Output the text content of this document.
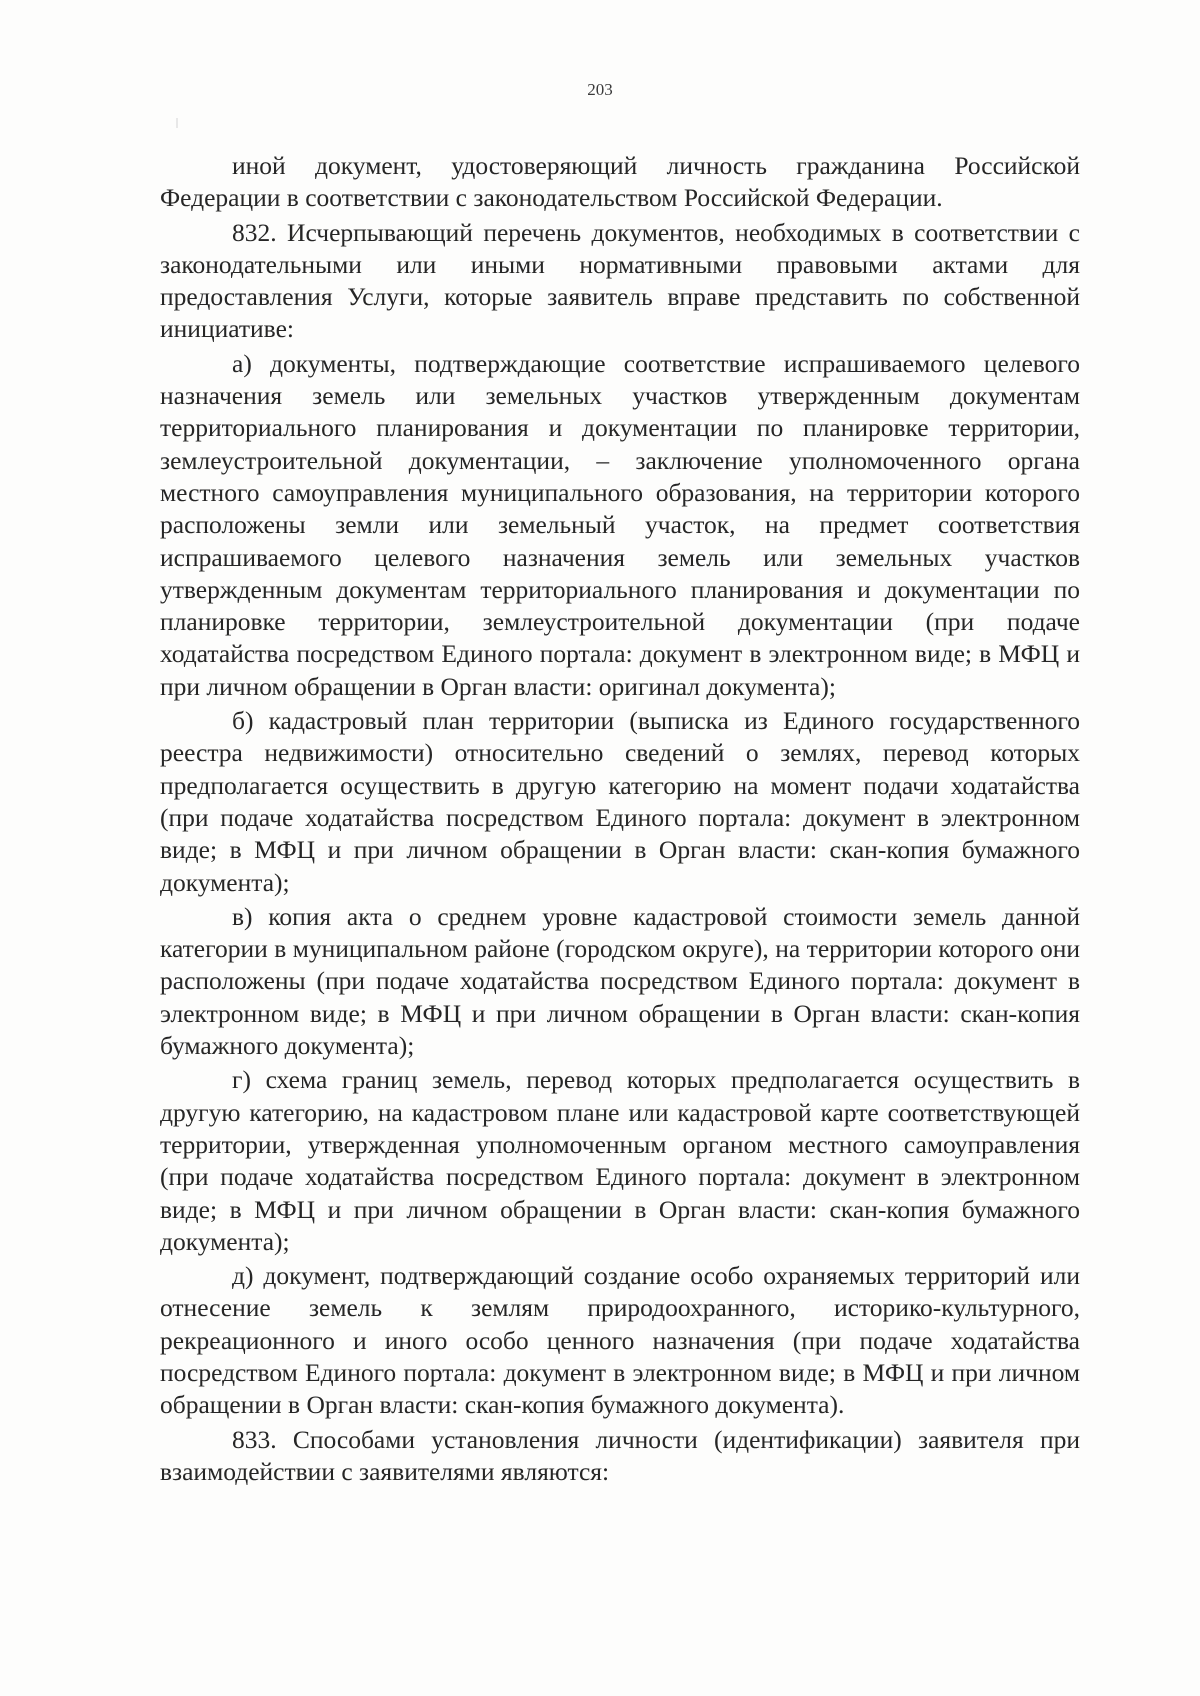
203

иной документ, удостоверяющий личность гражданина Российской Федерации в соответствии с законодательством Российской Федерации.

832. Исчерпывающий перечень документов, необходимых в соответствии с законодательными или иными нормативными правовыми актами для предоставления Услуги, которые заявитель вправе представить по собственной инициативе:

а) документы, подтверждающие соответствие испрашиваемого целевого назначения земель или земельных участков утвержденным документам территориального планирования и документации по планировке территории, землеустроительной документации, – заключение уполномоченного органа местного самоуправления муниципального образования, на территории которого расположены земли или земельный участок, на предмет соответствия испрашиваемого целевого назначения земель или земельных участков утвержденным документам территориального планирования и документации по планировке территории, землеустроительной документации (при подаче ходатайства посредством Единого портала: документ в электронном виде; в МФЦ и при личном обращении в Орган власти: оригинал документа);

б) кадастровый план территории (выписка из Единого государственного реестра недвижимости) относительно сведений о землях, перевод которых предполагается осуществить в другую категорию на момент подачи ходатайства (при подаче ходатайства посредством Единого портала: документ в электронном виде; в МФЦ и при личном обращении в Орган власти: скан-копия бумажного документа);

в) копия акта о среднем уровне кадастровой стоимости земель данной категории в муниципальном районе (городском округе), на территории которого они расположены (при подаче ходатайства посредством Единого портала: документ в электронном виде; в МФЦ и при личном обращении в Орган власти: скан-копия бумажного документа);

г) схема границ земель, перевод которых предполагается осуществить в другую категорию, на кадастровом плане или кадастровой карте соответствующей территории, утвержденная уполномоченным органом местного самоуправления (при подаче ходатайства посредством Единого портала: документ в электронном виде; в МФЦ и при личном обращении в Орган власти: скан-копия бумажного документа);

д) документ, подтверждающий создание особо охраняемых территорий или отнесение земель к землям природоохранного, историко-культурного, рекреационного и иного особо ценного назначения (при подаче ходатайства посредством Единого портала: документ в электронном виде; в МФЦ и при личном обращении в Орган власти: скан-копия бумажного документа).

833. Способами установления личности (идентификации) заявителя при взаимодействии с заявителями являются:
